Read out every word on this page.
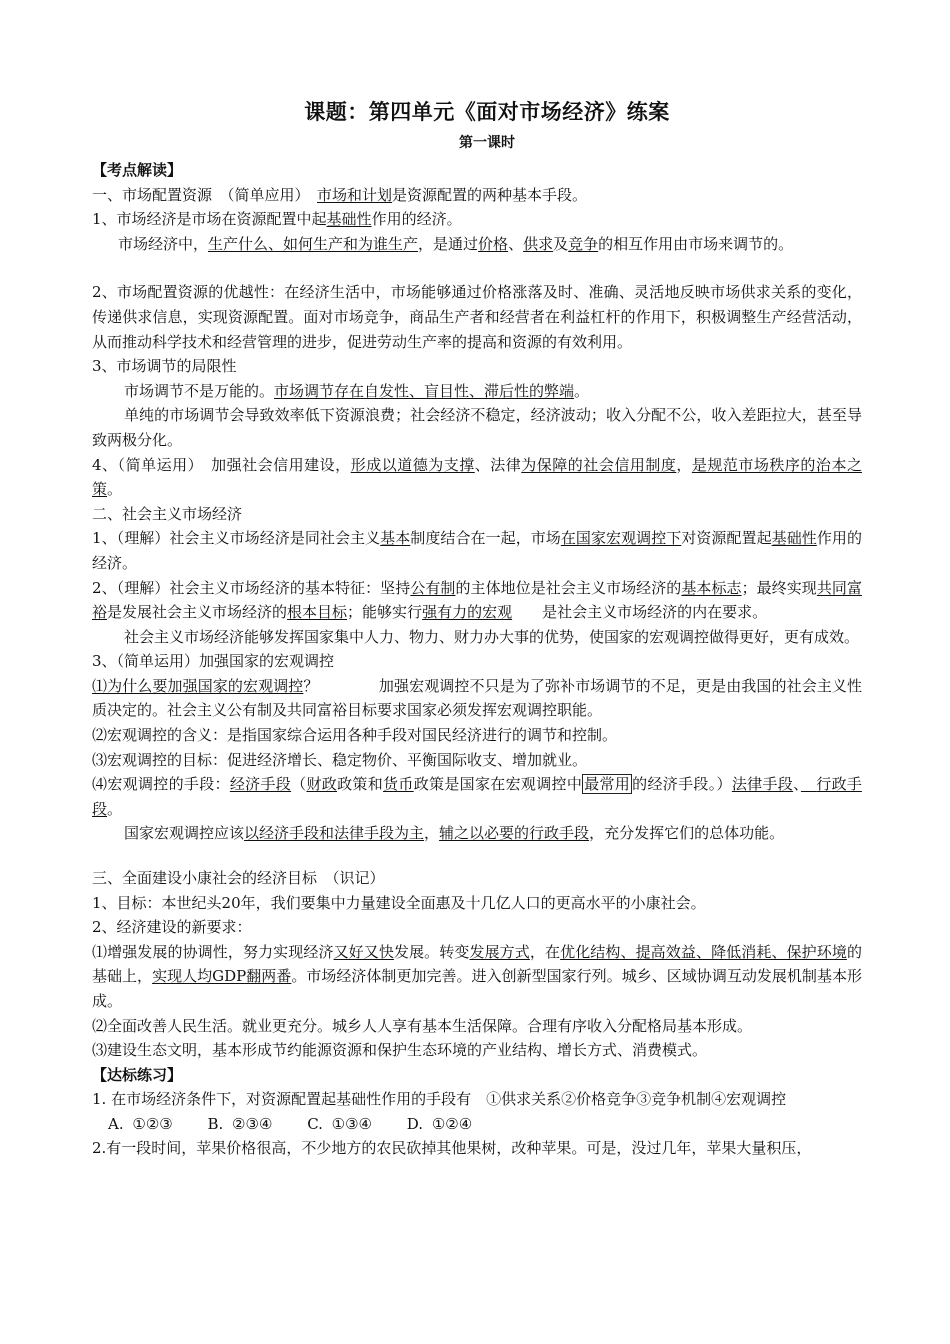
课题：第四单元《面对市场经济》练案
第一课时
【考点解读】
一、市场配置资源　（简单应用）　 市场和计划是资源配置的两种基本手段。
1、市场经济是市场在资源配置中起基础性作用的经济。
市场经济中，生产什么、如何生产和为谁生产，是通过价格、供求及竞争的相互作用由市场来调节的。
2、市场配置资源的优越性：在经济生活中，市场能够通过价格涨落及时、准确、灵活地反映市场供求关系的变化，传递供求信息，实现资源配置。面对市场竞争，商品生产者和经营者在利益杠杆的作用下，积极调整生产经营活动，从而推动科学技术和经营管理的进步，促进劳动生产率的提高和资源的有效利用。
3、市场调节的局限性
市场调节不是万能的。市场调节存在自发性、盲目性、滞后性的弊端。
单纯的市场调节会导致效率低下资源浪费；社会经济不稳定，经济波动；收入分配不公，收入差距拉大，甚至导致两极分化。
4、（简单运用）　加强社会信用建设，形成以道德为支撑、法律为保障的社会信用制度，是规范市场秩序的治本之策。
二、社会主义市场经济
1、（理解）社会主义市场经济是同社会主义基本制度结合在一起，市场在国家宏观调控下对资源配置起基础性作用的经济。
2、（理解）社会主义市场经济的基本特征：坚持公有制的主体地位是社会主义市场经济的基本标志；最终实现共同富裕是发展社会主义市场经济的根本目标；能够实行强有力的宏观　　 是社会主义市场经济的内在要求。
社会主义市场经济能够发挥国家集中人力、物力、财力办大事的优势，使国家的宏观调控做得更好，更有成效。
3、（简单运用）加强国家的宏观调控
⑴为什么要加强国家的宏观调控？　　　　加强宏观调控不只是为了弥补市场调节的不足，更是由我国的社会主义性质决定的。社会主义公有制及共同富裕目标要求国家必须发挥宏观调控职能。
⑵宏观调控的含义：是指国家综合运用各种手段对国民经济进行的调节和控制。
⑶宏观调控的目标：促进经济增长、稳定物价、平衡国际收支、增加就业。
⑷宏观调控的手段：经济手段（财政政策和货币政策是国家在宏观调控中 最常用 的经济手段。）法律手段、　 行政手段。
国家宏观调控应该以经济手段和法律手段为主，辅之以必要的行政手段，充分发挥它们的总体功能。
三、全面建设小康社会的经济目标　（识记）
1、目标：本世纪头20年，我们要集中力量建设全面惠及十几亿人口的更高水平的小康社会。
2、经济建设的新要求：
⑴增强发展的协调性，努力实现经济又好又快发展。转变发展方式，在优化结构、提高效益、降低消耗、保护环境的基础上，实现人均GDP翻两番。市场经济体制更加完善。进入创新型国家行列。城乡、区域协调互动发展机制基本形成。
⑵全面改善人民生活。就业更充分。城乡人人享有基本生活保障。合理有序收入分配格局基本形成。
⑶建设生态文明，基本形成节约能源资源和保护生态环境的产业结构、增长方式、消费模式。
【达标练习】
1. 在市场经济条件下，对资源配置起基础性作用的手段有　①供求关系②价格竞争③竞争机制④宏观调控
A. ①②③ B. ②③④ C. ①③④ D. ①②④
2.有一段时间，苹果价格很高，不少地方的农民砍掉其他果树，改种苹果。可是，没过几年，苹果大量积压，
